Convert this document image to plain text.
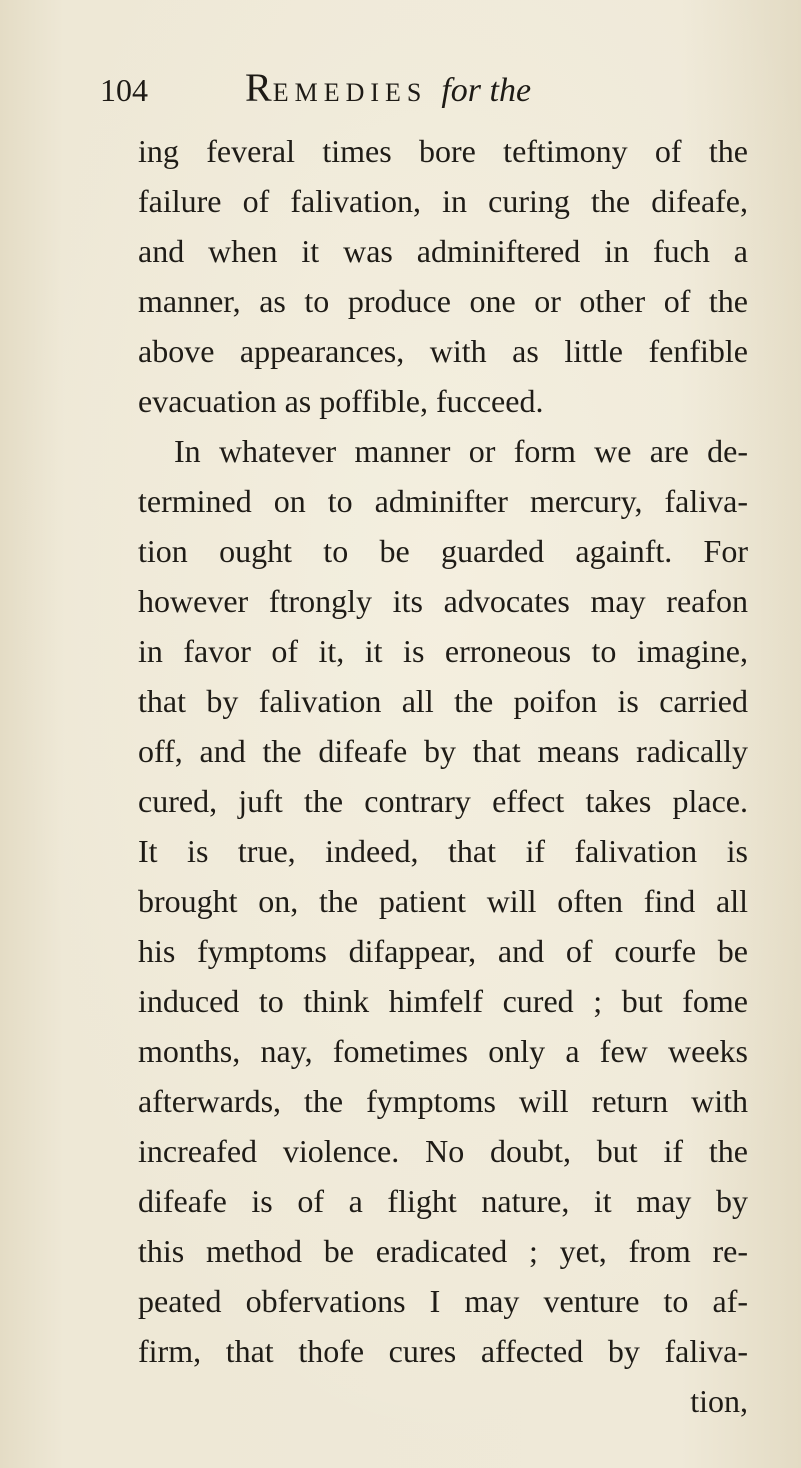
104 REMEDIES for the
ing feveral times bore teftimony of the
failure of falivation, in curing the difeafe,
and when it was adminiftered in fuch a
manner, as to produce one or other of the
above appearances, with as little fenfible
evacuation as poffible, fucceed.
In whatever manner or form we are de-
termined on to adminifter mercury, faliva-
tion ought to be guarded againft. For
however ftrongly its advocates may reafon
in favor of it, it is erroneous to imagine,
that by falivation all the poifon is carried
off, and the difeafe by that means radically
cured, juft the contrary effect takes place.
It is true, indeed, that if falivation is
brought on, the patient will often find all
his fymptoms difappear, and of courfe be
induced to think himfelf cured ; but fome
months, nay, fometimes only a few weeks
afterwards, the fymptoms will return with
increafed violence. No doubt, but if the
difeafe is of a flight nature, it may by
this method be eradicated ; yet, from re-
peated obfervations I may venture to af-
firm, that thofe cures affected by faliva-
tion,
